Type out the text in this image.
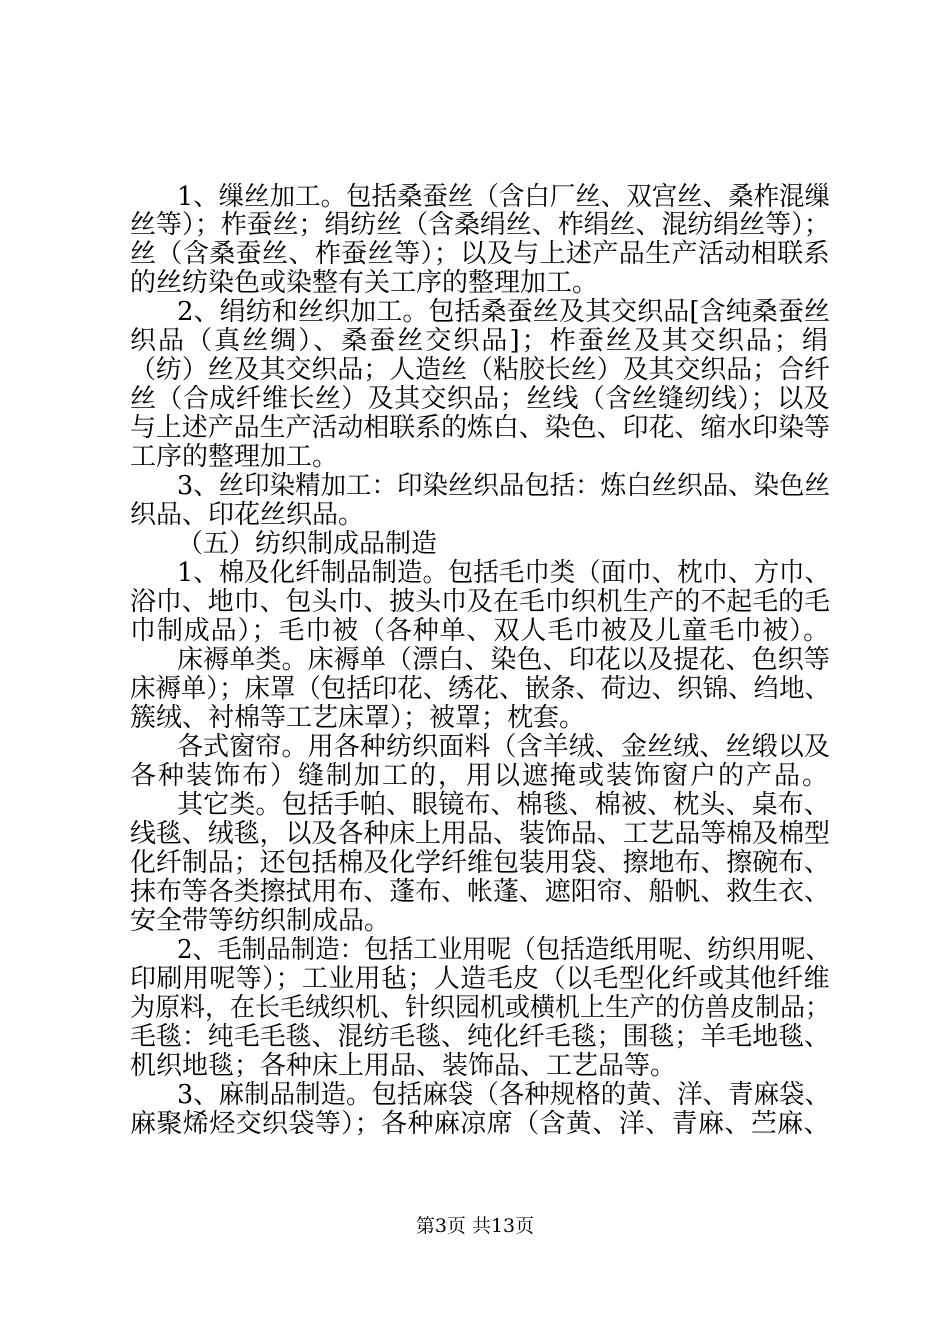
1、缫丝加工。包括桑蚕丝（含白厂丝、双宫丝、桑柞混缫
丝等）；柞蚕丝；绢纺丝（含桑绢丝、柞绢丝、混纺绢丝等）；
丝（含桑蚕丝、柞蚕丝等）；以及与上述产品生产活动相联系
的丝纺染色或染整有关工序的整理加工。
2、绢纺和丝织加工。包括桑蚕丝及其交织品[含纯桑蚕丝
织品（真丝绸）、桑蚕丝交织品]；柞蚕丝及其交织品；绢
（纺）丝及其交织品；人造丝（粘胶长丝）及其交织品；合纤
丝（合成纤维长丝）及其交织品；丝线（含丝缝纫线）；以及
与上述产品生产活动相联系的炼白、染色、印花、缩水印染等
工序的整理加工。
3、丝印染精加工：印染丝织品包括：炼白丝织品、染色丝
织品、印花丝织品。
（五）纺织制成品制造
1、棉及化纤制品制造。包括毛巾类（面巾、枕巾、方巾、
浴巾、地巾、包头巾、披头巾及在毛巾织机生产的不起毛的毛
巾制成品）；毛巾被（各种单、双人毛巾被及儿童毛巾被）。
床褥单类。床褥单（漂白、染色、印花以及提花、色织等
床褥单）；床罩（包括印花、绣花、嵌条、荷边、织锦、绉地、
簇绒、衬棉等工艺床罩）；被罩；枕套。
各式窗帘。用各种纺织面料（含羊绒、金丝绒、丝缎以及
各种装饰布）缝制加工的，用以遮掩或装饰窗户的产品。
其它类。包括手帕、眼镜布、棉毯、棉被、枕头、桌布、
线毯、绒毯，以及各种床上用品、装饰品、工艺品等棉及棉型
化纤制品；还包括棉及化学纤维包装用袋、擦地布、擦碗布、
抹布等各类擦拭用布、蓬布、帐蓬、遮阳帘、船帆、救生衣、
安全带等纺织制成品。
2、毛制品制造：包括工业用呢（包括造纸用呢、纺织用呢、
印刷用呢等）；工业用毡；人造毛皮（以毛型化纤或其他纤维
为原料，在长毛绒织机、针织园机或横机上生产的仿兽皮制品；
毛毯：纯毛毛毯、混纺毛毯、纯化纤毛毯；围毯；羊毛地毯、
机织地毯；各种床上用品、装饰品、工艺品等。
3、麻制品制造。包括麻袋（各种规格的黄、洋、青麻袋、
麻聚烯烃交织袋等）；各种麻凉席（含黄、洋、青麻、苎麻、
第3页 共13页
